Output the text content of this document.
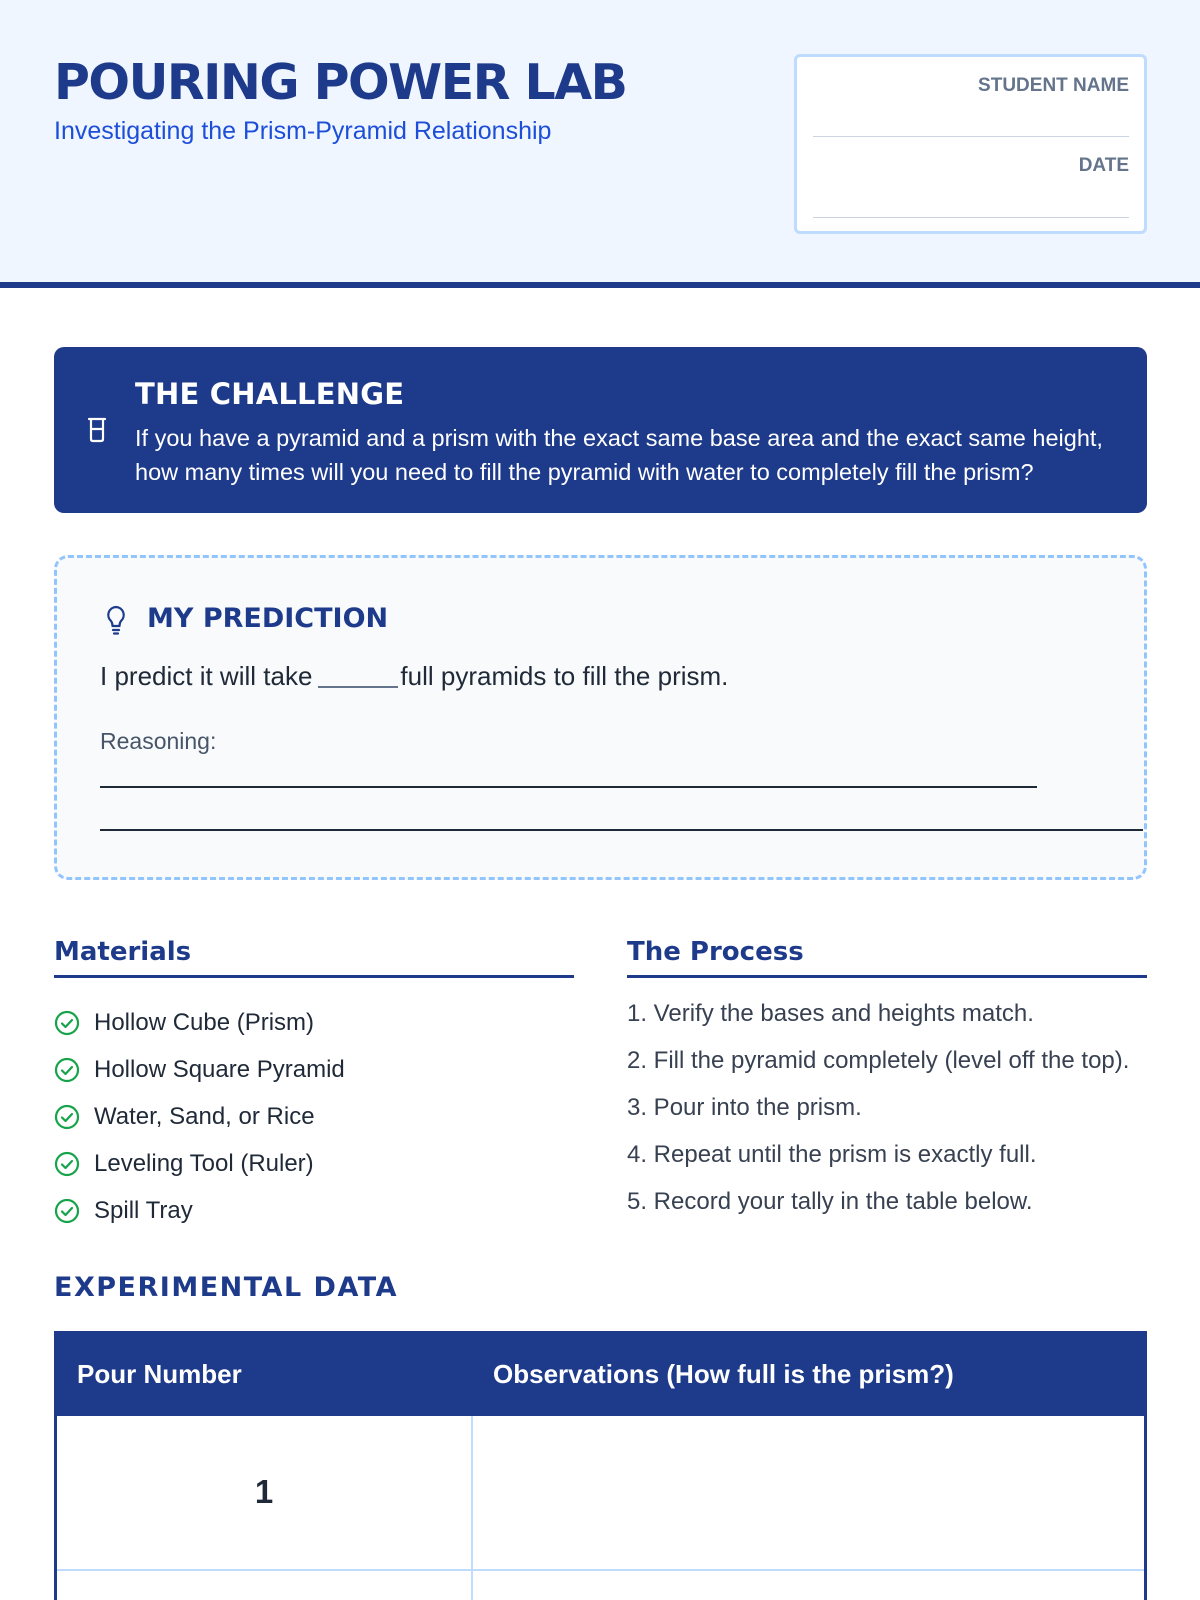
POURING POWER LAB
Investigating the Prism-Pyramid Relationship
STUDENT NAME
DATE
THE CHALLENGE
If you have a pyramid and a prism with the exact same base area and the exact same height, how many times will you need to fill the pyramid with water to completely fill the prism?
MY PREDICTION
I predict it will take	full pyramids to fill the prism.
Reasoning:
Materials
Hollow Cube (Prism)
Hollow Square Pyramid
Water, Sand, or Rice
Leveling Tool (Ruler)
Spill Tray
The Process
1. Verify the bases and heights match.
2. Fill the pyramid completely (level off the top).
3. Pour into the prism.
4. Repeat until the prism is exactly full.
5. Record your tally in the table below.
EXPERIMENTAL DATA
Pour Number	Observations (How full is the prism?)
1
